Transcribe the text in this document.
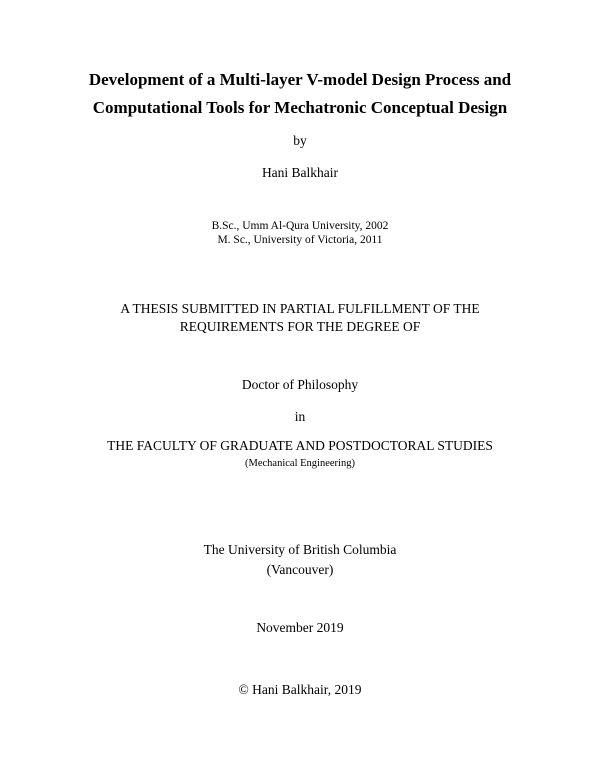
Development of a Multi-layer V-model Design Process and
Computational Tools for Mechatronic Conceptual Design
by
Hani Balkhair
B.Sc., Umm Al-Qura University, 2002
M. Sc., University of Victoria, 2011
A THESIS SUBMITTED IN PARTIAL FULFILLMENT OF THE
REQUIREMENTS FOR THE DEGREE OF
Doctor of Philosophy
in
THE FACULTY OF GRADUATE AND POSTDOCTORAL STUDIES
(Mechanical Engineering)
The University of British Columbia
(Vancouver)
November 2019
© Hani Balkhair, 2019
